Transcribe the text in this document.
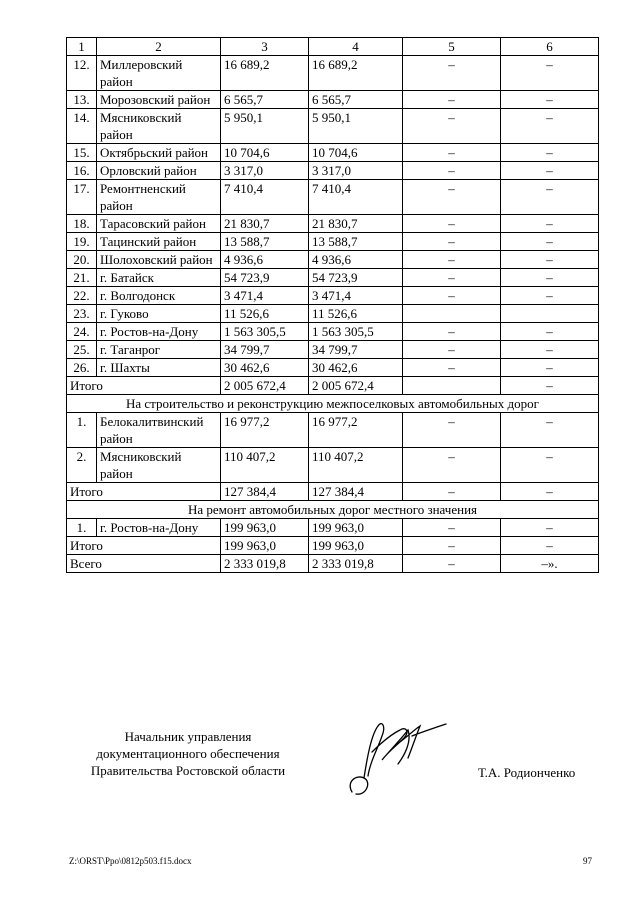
1	2	3	4	5	6
12.	Миллеровский район	16 689,2	16 689,2	–	–
13.	Морозовский район	6 565,7	6 565,7	–	–
14.	Мясниковский район	5 950,1	5 950,1	–	–
15.	Октябрьский район	10 704,6	10 704,6	–	–
16.	Орловский район	3 317,0	3 317,0	–	–
17.	Ремонтненский район	7 410,4	7 410,4	–	–
18.	Тарасовский район	21 830,7	21 830,7	–	–
19.	Тацинский район	13 588,7	13 588,7	–	–
20.	Шолоховский район	4 936,6	4 936,6	–	–
21.	г. Батайск	54 723,9	54 723,9	–	–
22.	г. Волгодонск	3 471,4	3 471,4	–	–
23.	г. Гуково	11 526,6	11 526,6		
24.	г. Ростов-на-Дону	1 563 305,5	1 563 305,5	–	–
25.	г. Таганрог	34 799,7	34 799,7	–	–
26.	г. Шахты	30 462,6	30 462,6	–	–
Итого		2 005 672,4	2 005 672,4		–
На строительство и реконструкцию межпоселковых автомобильных дорог					
1.	Белокалитвинский район	16 977,2	16 977,2	–	–
2.	Мясниковский район	110 407,2	110 407,2	–	–
Итого		127 384,4	127 384,4	–	–
На ремонт автомобильных дорог местного значения					
1.	г. Ростов-на-Дону	199 963,0	199 963,0	–	–
Итого		199 963,0	199 963,0	–	–
Всего		2 333 019,8	2 333 019,8	–	–».
Начальник управления
документационного обеспечения
Правительства Ростовской области	Т.А. Родионченко
Z:\ORST\Ppo\0812p503.f15.docx	97
